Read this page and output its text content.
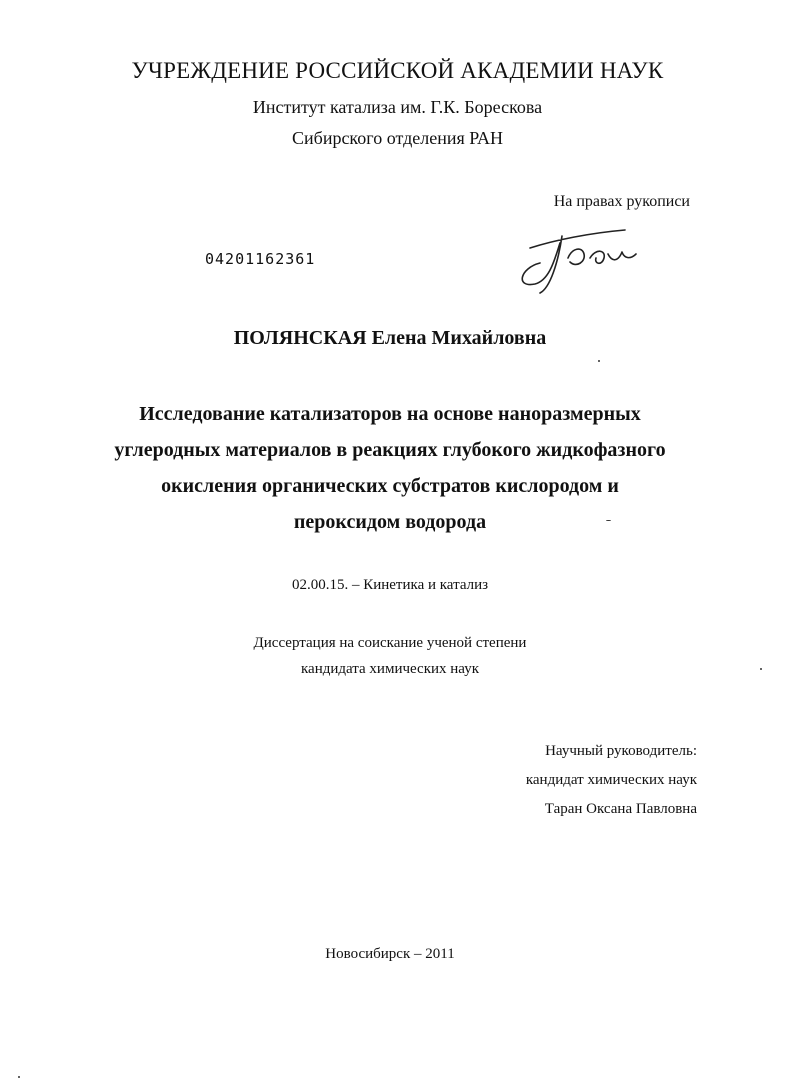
УЧРЕЖДЕНИЕ РОССИЙСКОЙ АКАДЕМИИ НАУК
Институт катализа им. Г.К. Борескова
Сибирского отделения РАН
На правах рукописи
04201162361
ПОЛЯНСКАЯ Елена Михайловна
Исследование катализаторов на основе наноразмерных
углеродных материалов в реакциях глубокого жидкофазного
окисления органических субстратов кислородом и
пероксидом водорода
02.00.15. – Кинетика и катализ
Диссертация на соискание ученой степени
кандидата химических наук
Научный руководитель:
кандидат химических наук
Таран Оксана Павловна
Новосибирск – 2011
